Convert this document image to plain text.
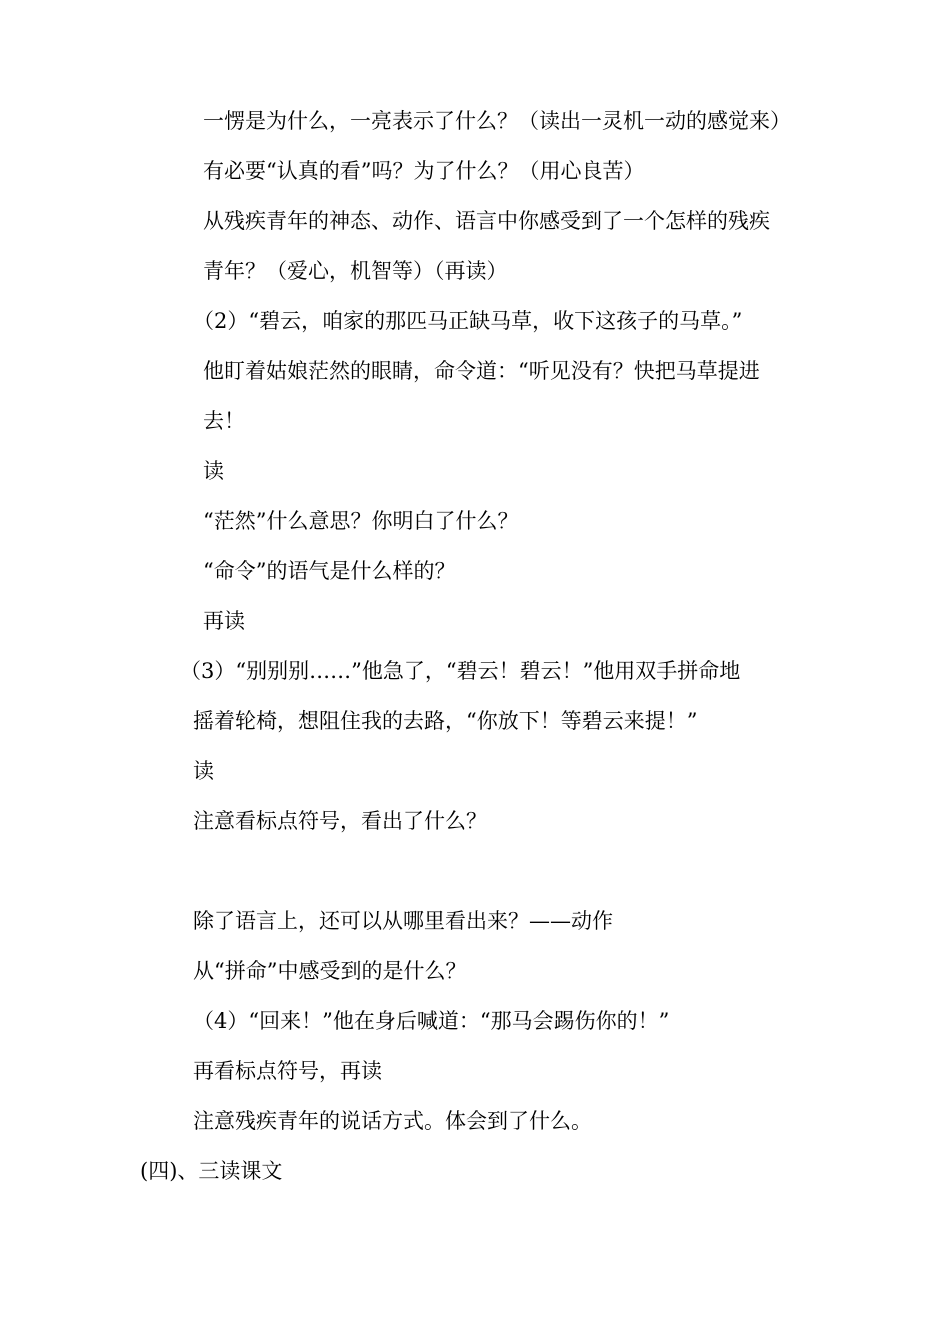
一愣是为什么，一亮表示了什么？（读出一灵机一动的感觉来）
有必要“认真的看”吗？为了什么？（用心良苦）
从残疾青年的神态、动作、语言中你感受到了一个怎样的残疾
青年？（爱心，机智等）（再读）
（2）“碧云，咱家的那匹马正缺马草，收下这孩子的马草。”
他盯着姑娘茫然的眼睛，命令道：“听见没有？快把马草提进
去！
读
“茫然”什么意思？你明白了什么？
“命令”的语气是什么样的？
再读
（3）“别别别……”他急了，“碧云！碧云！”他用双手拼命地
摇着轮椅，想阻住我的去路，“你放下！等碧云来提！”
读
注意看标点符号，看出了什么？
除了语言上，还可以从哪里看出来？——动作
从“拼命”中感受到的是什么？
（4）“回来！”他在身后喊道：“那马会踢伤你的！”
再看标点符号，再读
注意残疾青年的说话方式。体会到了什么。
(四)、三读课文
